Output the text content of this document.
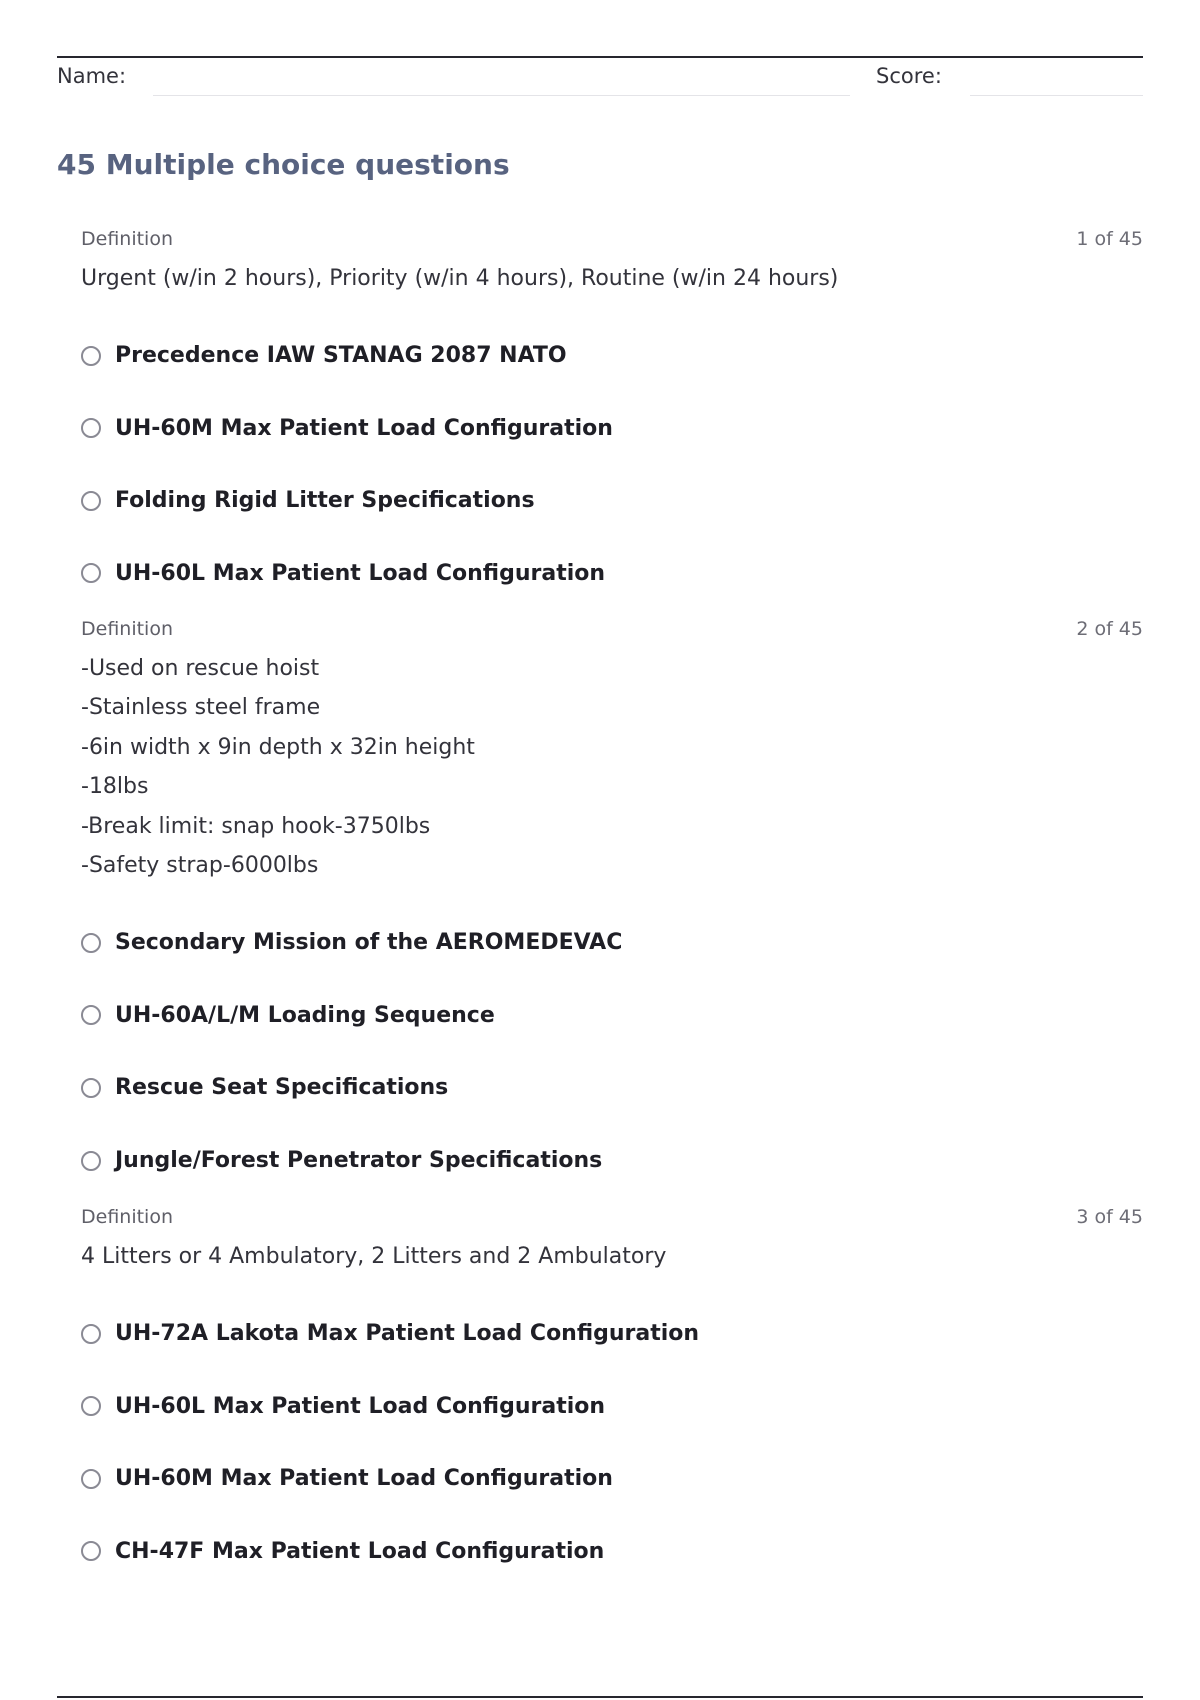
Name:	Score:
45 Multiple choice questions
Definition	1 of 45
Urgent (w/in 2 hours), Priority (w/in 4 hours), Routine (w/in 24 hours)
Precedence IAW STANAG 2087 NATO
UH-60M Max Patient Load Configuration
Folding Rigid Litter Specifications
UH-60L Max Patient Load Configuration
Definition	2 of 45
-Used on rescue hoist
-Stainless steel frame
-6in width x 9in depth x 32in height
-18lbs
-Break limit: snap hook-3750lbs
-Safety strap-6000lbs
Secondary Mission of the AEROMEDEVAC
UH-60A/L/M Loading Sequence
Rescue Seat Specifications
Jungle/Forest Penetrator Specifications
Definition	3 of 45
4 Litters or 4 Ambulatory, 2 Litters and 2 Ambulatory
UH-72A Lakota Max Patient Load Configuration
UH-60L Max Patient Load Configuration
UH-60M Max Patient Load Configuration
CH-47F Max Patient Load Configuration
